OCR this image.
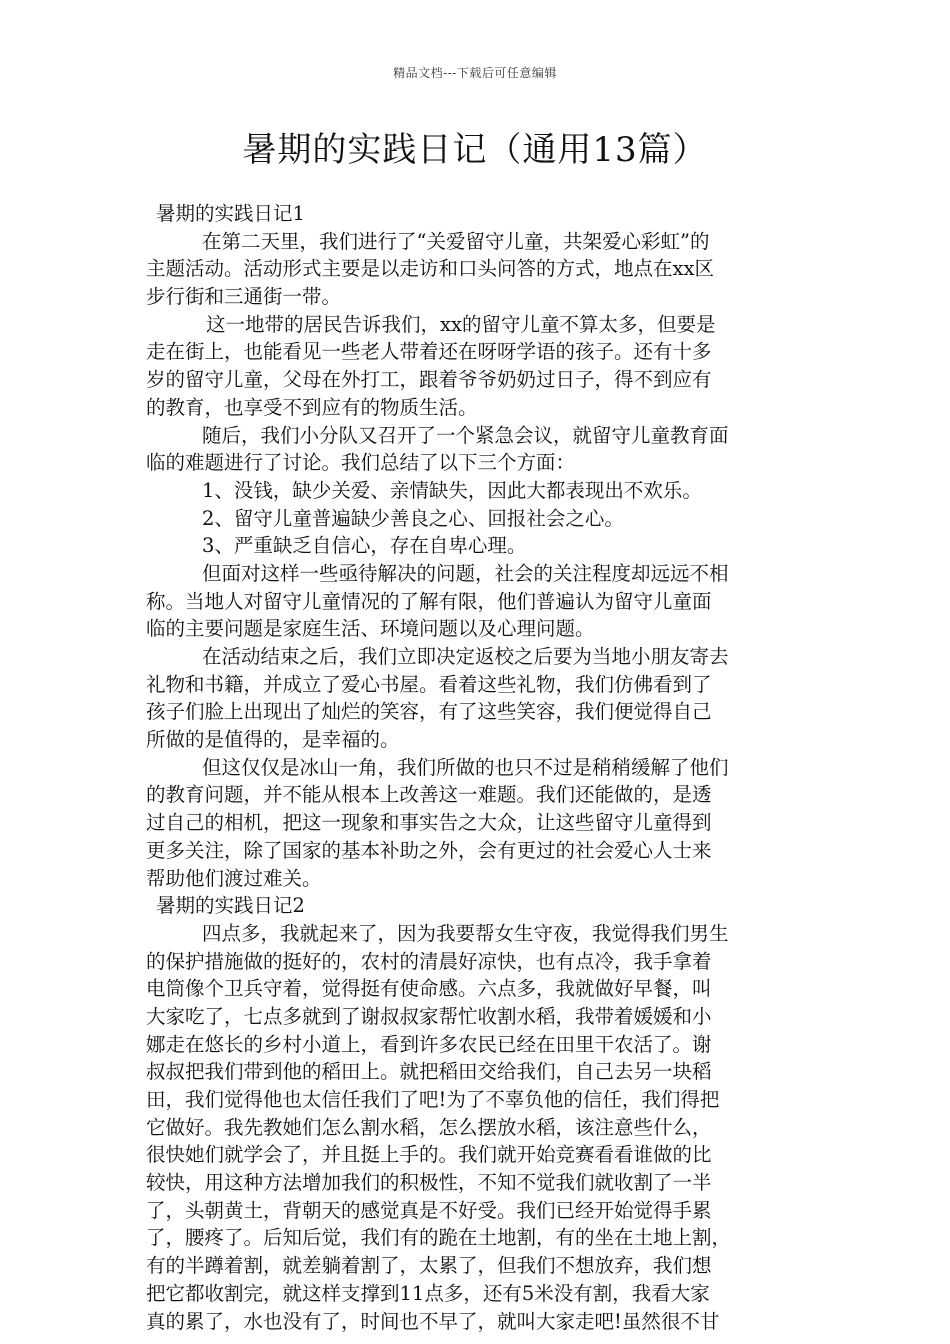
精品文档---下载后可任意编辑
暑期的实践日记（通用13篇）
暑期的实践日记1
在第二天里，我们进行了“关爱留守儿童，共架爱心彩虹”的
主题活动。活动形式主要是以走访和口头问答的方式，地点在xx区
步行街和三通街一带。
这一地带的居民告诉我们，xx的留守儿童不算太多，但要是
走在街上，也能看见一些老人带着还在呀呀学语的孩子。还有十多
岁的留守儿童，父母在外打工，跟着爷爷奶奶过日子，得不到应有
的教育，也享受不到应有的物质生活。
随后，我们小分队又召开了一个紧急会议，就留守儿童教育面
临的难题进行了讨论。我们总结了以下三个方面：
1、没钱，缺少关爱、亲情缺失，因此大都表现出不欢乐。
2、留守儿童普遍缺少善良之心、回报社会之心。
3、严重缺乏自信心，存在自卑心理。
但面对这样一些亟待解决的问题，社会的关注程度却远远不相
称。当地人对留守儿童情况的了解有限，他们普遍认为留守儿童面
临的主要问题是家庭生活、环境问题以及心理问题。
在活动结束之后，我们立即决定返校之后要为当地小朋友寄去
礼物和书籍，并成立了爱心书屋。看着这些礼物，我们仿佛看到了
孩子们脸上出现出了灿烂的笑容，有了这些笑容，我们便觉得自己
所做的是值得的，是幸福的。
但这仅仅是冰山一角，我们所做的也只不过是稍稍缓解了他们
的教育问题，并不能从根本上改善这一难题。我们还能做的，是透
过自己的相机，把这一现象和事实告之大众，让这些留守儿童得到
更多关注，除了国家的基本补助之外，会有更过的社会爱心人士来
帮助他们渡过难关。
暑期的实践日记2
四点多，我就起来了，因为我要帮女生守夜，我觉得我们男生
的保护措施做的挺好的，农村的清晨好凉快，也有点冷，我手拿着
电筒像个卫兵守着，觉得挺有使命感。六点多，我就做好早餐，叫
大家吃了，七点多就到了谢叔叔家帮忙收割水稻，我带着媛媛和小
娜走在悠长的乡村小道上，看到许多农民已经在田里干农活了。谢
叔叔把我们带到他的稻田上。就把稻田交给我们，自己去另一块稻
田，我们觉得他也太信任我们了吧!为了不辜负他的信任，我们得把
它做好。我先教她们怎么割水稻，怎么摆放水稻，该注意些什么，
很快她们就学会了，并且挺上手的。我们就开始竞赛看看谁做的比
较快，用这种方法增加我们的积极性，不知不觉我们就收割了一半
了，头朝黄土，背朝天的感觉真是不好受。我们已经开始觉得手累
了，腰疼了。后知后觉，我们有的跪在土地割，有的坐在土地上割，
有的半蹲着割，就差躺着割了，太累了，但我们不想放弃，我们想
把它都收割完，就这样支撑到11点多，还有5米没有割，我看大家
真的累了，水也没有了，时间也不早了，就叫大家走吧!虽然很不甘
